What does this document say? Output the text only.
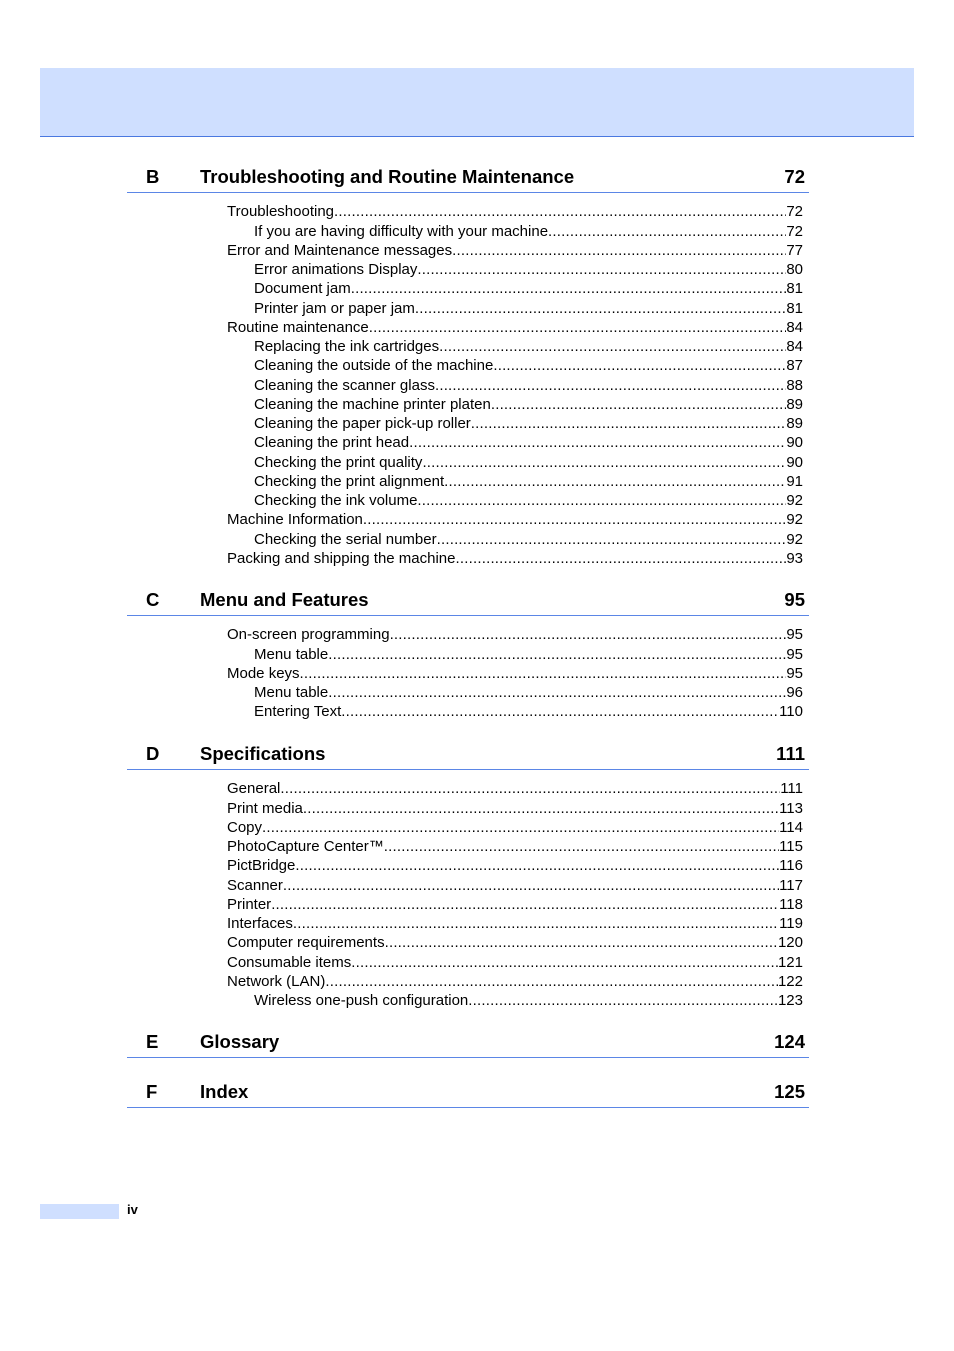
B Troubleshooting and Routine Maintenance	72
Troubleshooting .....	72
If you are having difficulty with your machine .....	72
Error and Maintenance messages .....	77
Error animations Display .....	80
Document jam .....	81
Printer jam or paper jam .....	81
Routine maintenance .....	84
Replacing the ink cartridges .....	84
Cleaning the outside of the machine .....	87
Cleaning the scanner glass .....	88
Cleaning the machine printer platen .....	89
Cleaning the paper pick-up roller .....	89
Cleaning the print head .....	90
Checking the print quality .....	90
Checking the print alignment .....	91
Checking the ink volume .....	92
Machine Information .....	92
Checking the serial number .....	92
Packing and shipping the machine .....	93
C Menu and Features	95
On-screen programming .....	95
Menu table .....	95
Mode keys .....	95
Menu table .....	96
Entering Text .....	110
D Specifications	111
General .....	111
Print media .....	113
Copy .....	114
PhotoCapture Center™ .....	115
PictBridge .....	116
Scanner .....	117
Printer .....	118
Interfaces .....	119
Computer requirements .....	120
Consumable items .....	121
Network (LAN) .....	122
Wireless one-push configuration .....	123
E Glossary	124
F Index	125
iv
